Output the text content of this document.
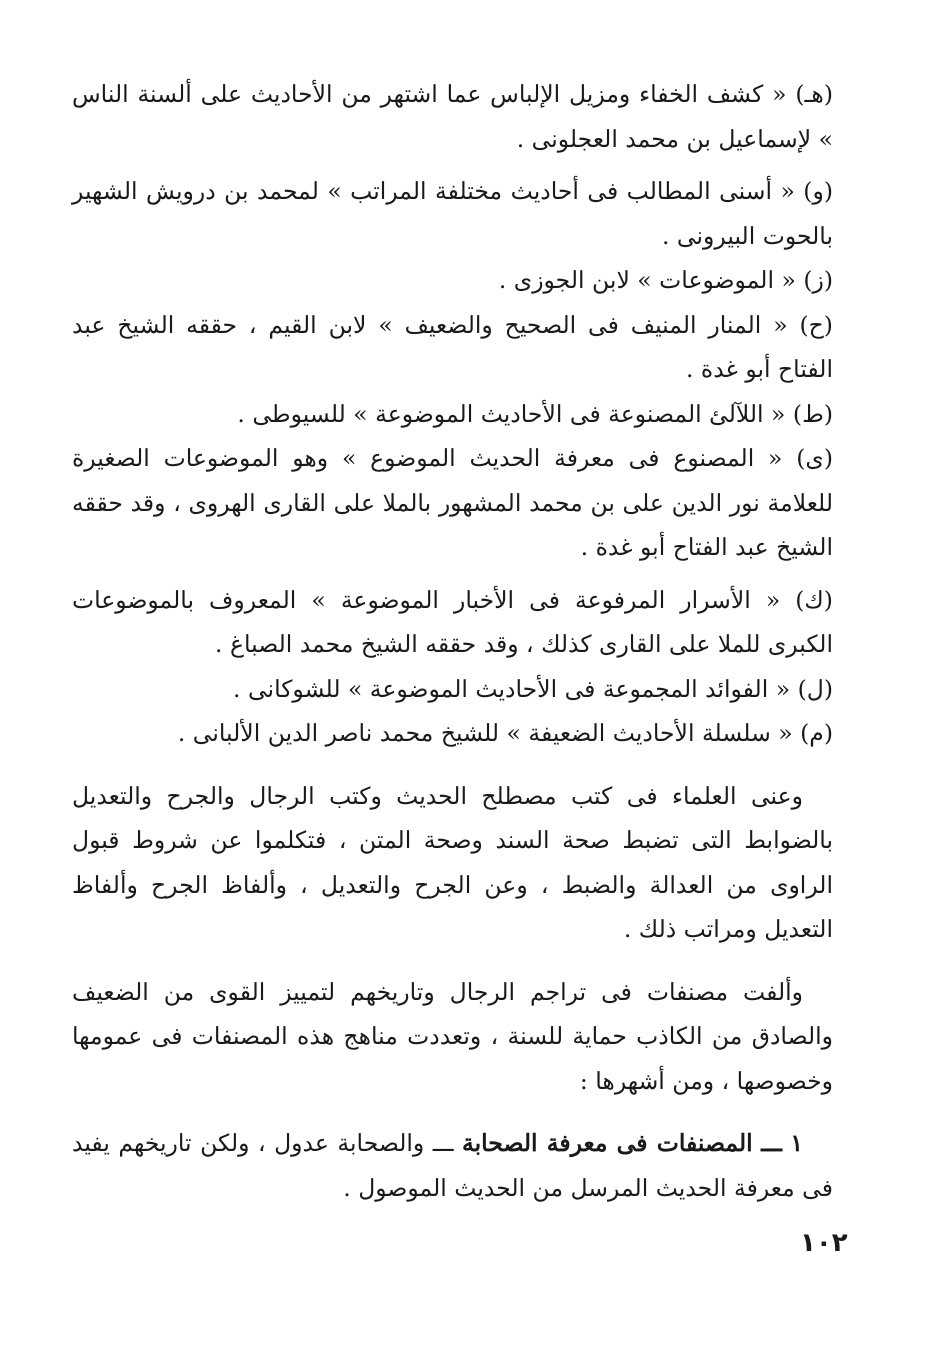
(هـ) « كشف الخفاء ومزيل الإلباس عما اشتهر من الأحاديث على ألسنة الناس » لإسماعيل بن محمد العجلونى .

(و) « أسنى المطالب فى أحاديث مختلفة المراتب » لمحمد بن درويش الشهير بالحوت البيرونى .

(ز) « الموضوعات » لابن الجوزى .

(ح) « المنار المنيف فى الصحيح والضعيف » لابن القيم ، حققه الشيخ عبد الفتاح أبو غدة .

(ط) « اللآلئ المصنوعة فى الأحاديث الموضوعة » للسيوطى .

(ى) « المصنوع فى معرفة الحديث الموضوع » وهو الموضوعات الصغيرة للعلامة نور الدين على بن محمد المشهور بالملا على القارى الهروى ، وقد حققه الشيخ عبد الفتاح أبو غدة .

(ك) « الأسرار المرفوعة فى الأخبار الموضوعة » المعروف بالموضوعات الكبرى للملا على القارى كذلك ، وقد حققه الشيخ محمد الصباغ .

(ل) « الفوائد المجموعة فى الأحاديث الموضوعة » للشوكانى .

(م) « سلسلة الأحاديث الضعيفة » للشيخ محمد ناصر الدين الألبانى .

وعنى العلماء فى كتب مصطلح الحديث وكتب الرجال والجرح والتعديل بالضوابط التى تضبط صحة السند وصحة المتن ، فتكلموا عن شروط قبول الراوى من العدالة والضبط ، وعن الجرح والتعديل ، وألفاظ الجرح وألفاظ التعديل ومراتب ذلك .

وألفت مصنفات فى تراجم الرجال وتاريخهم لتمييز القوى من الضعيف والصادق من الكاذب حماية للسنة ، وتعددت مناهج هذه المصنفات فى عمومها وخصوصها ، ومن أشهرها :

١ ـــ المصنفات فى معرفة الصحابة ـــ والصحابة عدول ، ولكن تاريخهم يفيد فى معرفة الحديث المرسل من الحديث الموصول .

١٠٢
